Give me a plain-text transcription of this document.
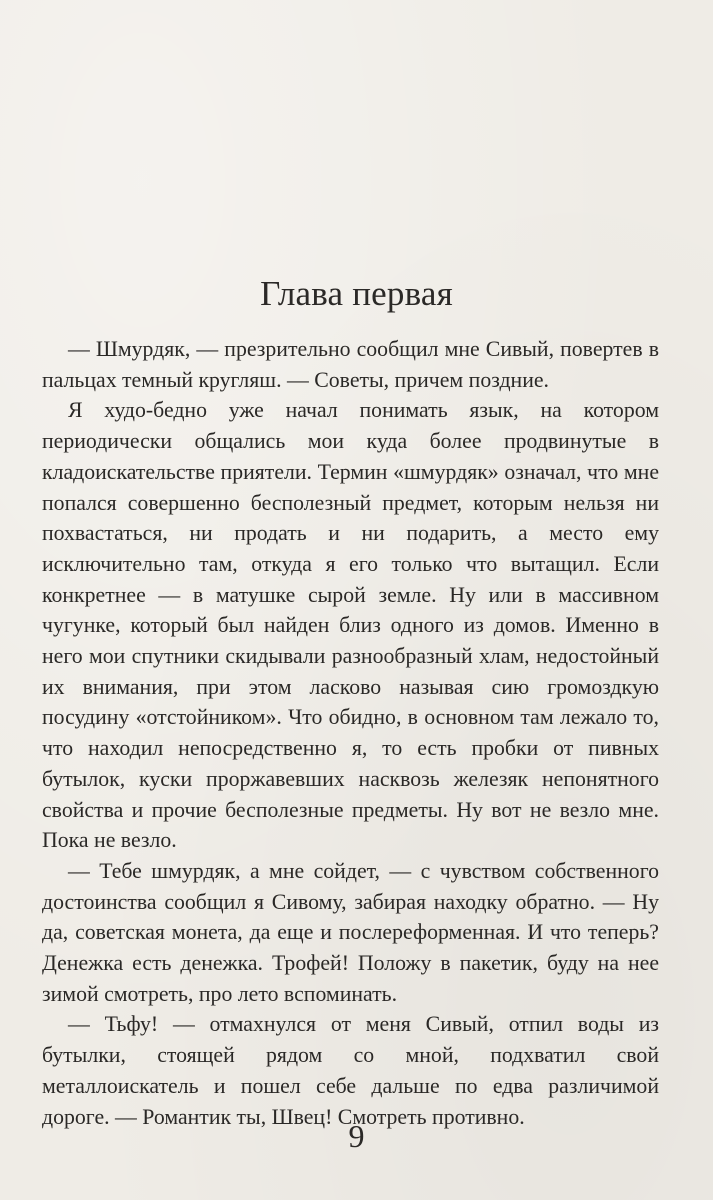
Глава первая

— Шмурдяк, — презрительно сообщил мне Сивый, повертев в пальцах темный кругляш. — Советы, причем поздние.

Я худо-бедно уже начал понимать язык, на котором периодически общались мои куда более продвинутые в кладоискательстве приятели. Термин «шмурдяк» означал, что мне попался совершенно бесполезный предмет, которым нельзя ни похвастаться, ни продать и ни подарить, а место ему исключительно там, откуда я его только что вытащил. Если конкретнее — в матушке сырой земле. Ну или в массивном чугунке, который был найден близ одного из домов. Именно в него мои спутники скидывали разнообразный хлам, недостойный их внимания, при этом ласково называя сию громоздкую посудину «отстойником». Что обидно, в основном там лежало то, что находил непосредственно я, то есть пробки от пивных бутылок, куски проржавевших насквозь железяк непонятного свойства и прочие бесполезные предметы. Ну вот не везло мне. Пока не везло.

— Тебе шмурдяк, а мне сойдет, — с чувством собственного достоинства сообщил я Сивому, забирая находку обратно. — Ну да, советская монета, да еще и послереформенная. И что теперь? Денежка есть денежка. Трофей! Положу в пакетик, буду на нее зимой смотреть, про лето вспоминать.

— Тьфу! — отмахнулся от меня Сивый, отпил воды из бутылки, стоящей рядом со мной, подхватил свой металлоискатель и пошел себе дальше по едва различимой дороге. — Романтик ты, Швец! Смотреть противно.

9
